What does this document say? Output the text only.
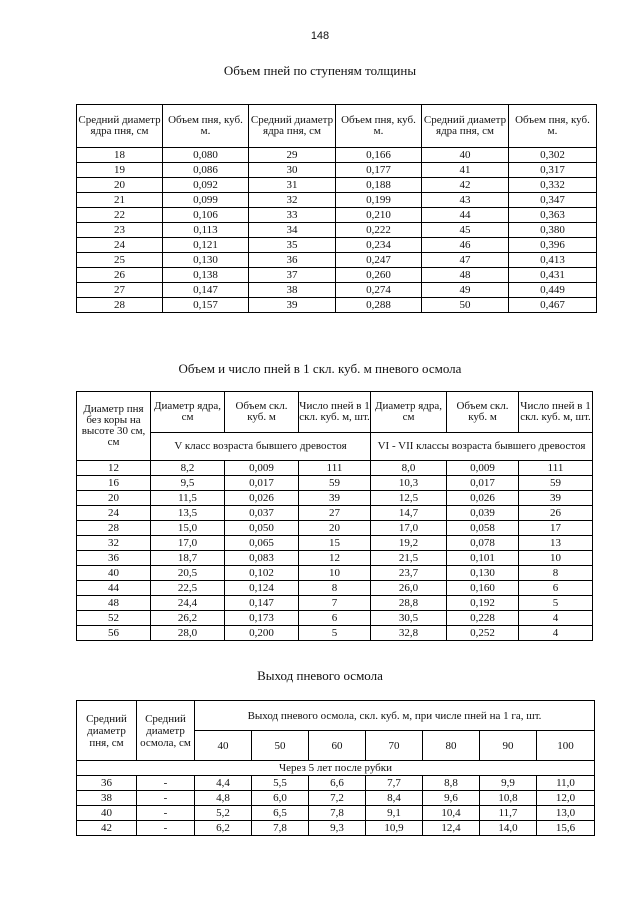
148
Объем пней по ступеням толщины
Средний диаметр ядра пня, см	Объем пня, куб. м.	Средний диаметр ядра пня, см	Объем пня, куб. м.	Средний диаметр ядра пня, см	Объем пня, куб. м.
18	0,080	29	0,166	40	0,302
19	0,086	30	0,177	41	0,317
20	0,092	31	0,188	42	0,332
21	0,099	32	0,199	43	0,347
22	0,106	33	0,210	44	0,363
23	0,113	34	0,222	45	0,380
24	0,121	35	0,234	46	0,396
25	0,130	36	0,247	47	0,413
26	0,138	37	0,260	48	0,431
27	0,147	38	0,274	49	0,449
28	0,157	39	0,288	50	0,467
Объем и число пней в 1 скл. куб. м пневого осмола
Диаметр пня без коры на высоте 30 см, см	Диаметр ядра, см	Объем скл. куб. м	Число пней в 1 скл. куб. м, шт.	Диаметр ядра, см	Объем скл. куб. м	Число пней в 1 скл. куб. м, шт.
	V класс возраста бывшего древостоя			VI - VII классы возраста бывшего древостоя		
12	8,2	0,009	111	8,0	0,009	111
16	9,5	0,017	59	10,3	0,017	59
20	11,5	0,026	39	12,5	0,026	39
24	13,5	0,037	27	14,7	0,039	26
28	15,0	0,050	20	17,0	0,058	17
32	17,0	0,065	15	19,2	0,078	13
36	18,7	0,083	12	21,5	0,101	10
40	20,5	0,102	10	23,7	0,130	8
44	22,5	0,124	8	26,0	0,160	6
48	24,4	0,147	7	28,8	0,192	5
52	26,2	0,173	6	30,5	0,228	4
56	28,0	0,200	5	32,8	0,252	4
Выход пневого осмола
Средний диаметр пня, см	Средний диаметр осмола, см	Выход пневого осмола, скл. куб. м, при числе пней на 1 га, шт.						
		40	50	60	70	80	90	100
Через 5 лет после рубки								
36	-	4,4	5,5	6,6	7,7	8,8	9,9	11,0
38	-	4,8	6,0	7,2	8,4	9,6	10,8	12,0
40	-	5,2	6,5	7,8	9,1	10,4	11,7	13,0
42	-	6,2	7,8	9,3	10,9	12,4	14,0	15,6
